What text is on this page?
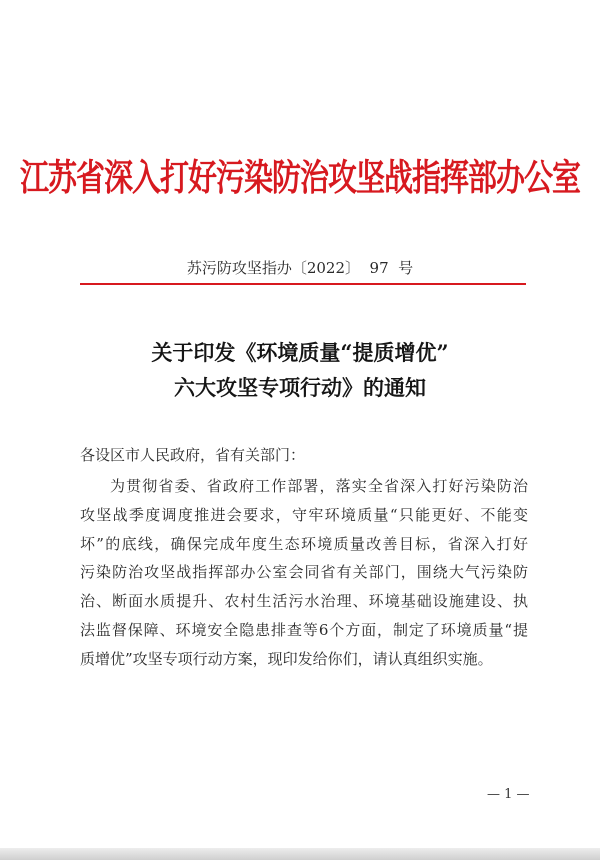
江苏省深入打好污染防治攻坚战指挥部办公室
苏污防攻坚指办〔2022〕  97  号
关于印发《环境质量“提质增优”
六大攻坚专项行动》的通知
各设区市人民政府，省有关部门：
为贯彻省委、省政府工作部署，落实全省深入打好污染防治
攻坚战季度调度推进会要求，守牢环境质量“只能更好、不能变
坏”的底线，确保完成年度生态环境质量改善目标，省深入打好
污染防治攻坚战指挥部办公室会同省有关部门，围绕大气污染防
治、断面水质提升、农村生活污水治理、环境基础设施建设、执
法监督保障、环境安全隐患排查等6个方面，制定了环境质量“提
质增优”攻坚专项行动方案，现印发给你们，请认真组织实施。
— 1 —
